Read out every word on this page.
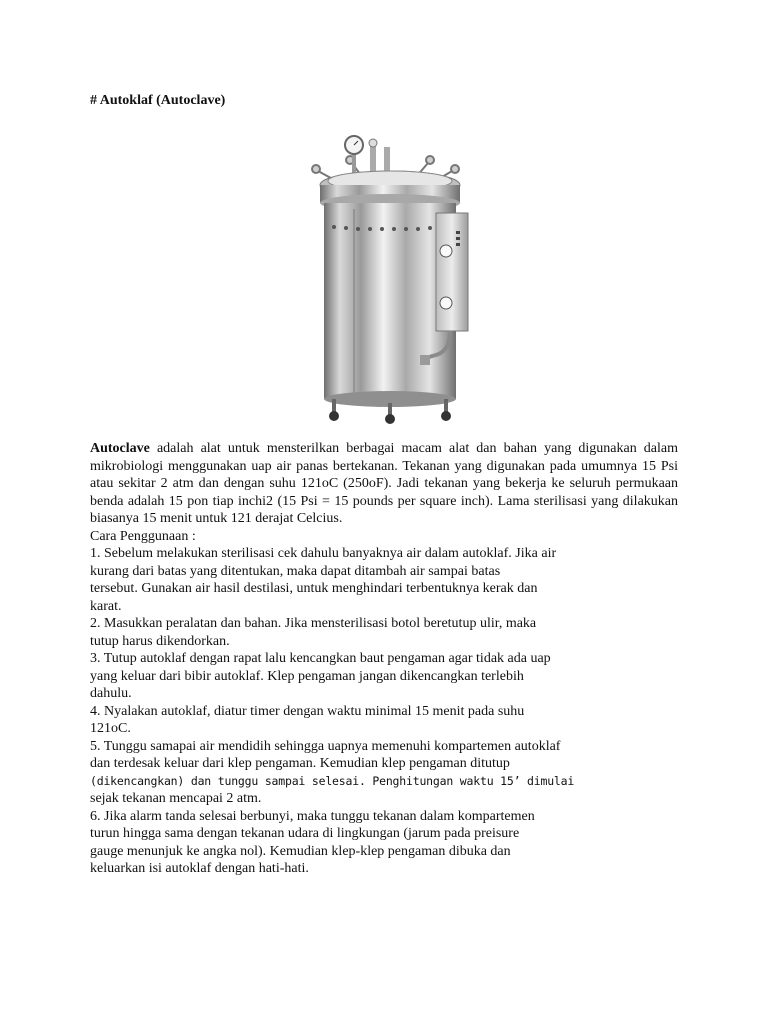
# Autoklaf (Autoclave)

Autoclave adalah alat untuk mensterilkan berbagai macam alat dan bahan yang digunakan dalam mikrobiologi menggunakan uap air panas bertekanan. Tekanan yang digunakan pada umumnya 15 Psi atau sekitar 2 atm dan dengan suhu 121oC (250oF). Jadi tekanan yang bekerja ke seluruh permukaan benda adalah 15 pon tiap inchi2 (15 Psi = 15 pounds per square inch). Lama sterilisasi yang dilakukan biasanya 15 menit untuk 121 derajat Celcius.

Cara Penggunaan :
1. Sebelum melakukan sterilisasi cek dahulu banyaknya air dalam autoklaf. Jika air
kurang dari batas yang ditentukan, maka dapat ditambah air sampai batas
tersebut. Gunakan air hasil destilasi, untuk menghindari terbentuknya kerak dan
karat.
2. Masukkan peralatan dan bahan. Jika mensterilisasi botol beretutup ulir, maka
tutup harus dikendorkan.
3. Tutup autoklaf dengan rapat lalu kencangkan baut pengaman agar tidak ada uap
yang keluar dari bibir autoklaf. Klep pengaman jangan dikencangkan terlebih
dahulu.
4. Nyalakan autoklaf, diatur timer dengan waktu minimal 15 menit pada suhu
121oC.
5. Tunggu samapai air mendidih sehingga uapnya memenuhi kompartemen autoklaf
dan terdesak keluar dari klep pengaman. Kemudian klep pengaman ditutup
(dikencangkan) dan tunggu sampai selesai. Penghitungan waktu 15’ dimulai
sejak tekanan mencapai 2 atm.
6. Jika alarm tanda selesai berbunyi, maka tunggu tekanan dalam kompartemen
turun hingga sama dengan tekanan udara di lingkungan (jarum pada preisure
gauge menunjuk ke angka nol). Kemudian klep-klep pengaman dibuka dan
keluarkan isi autoklaf dengan hati-hati.
